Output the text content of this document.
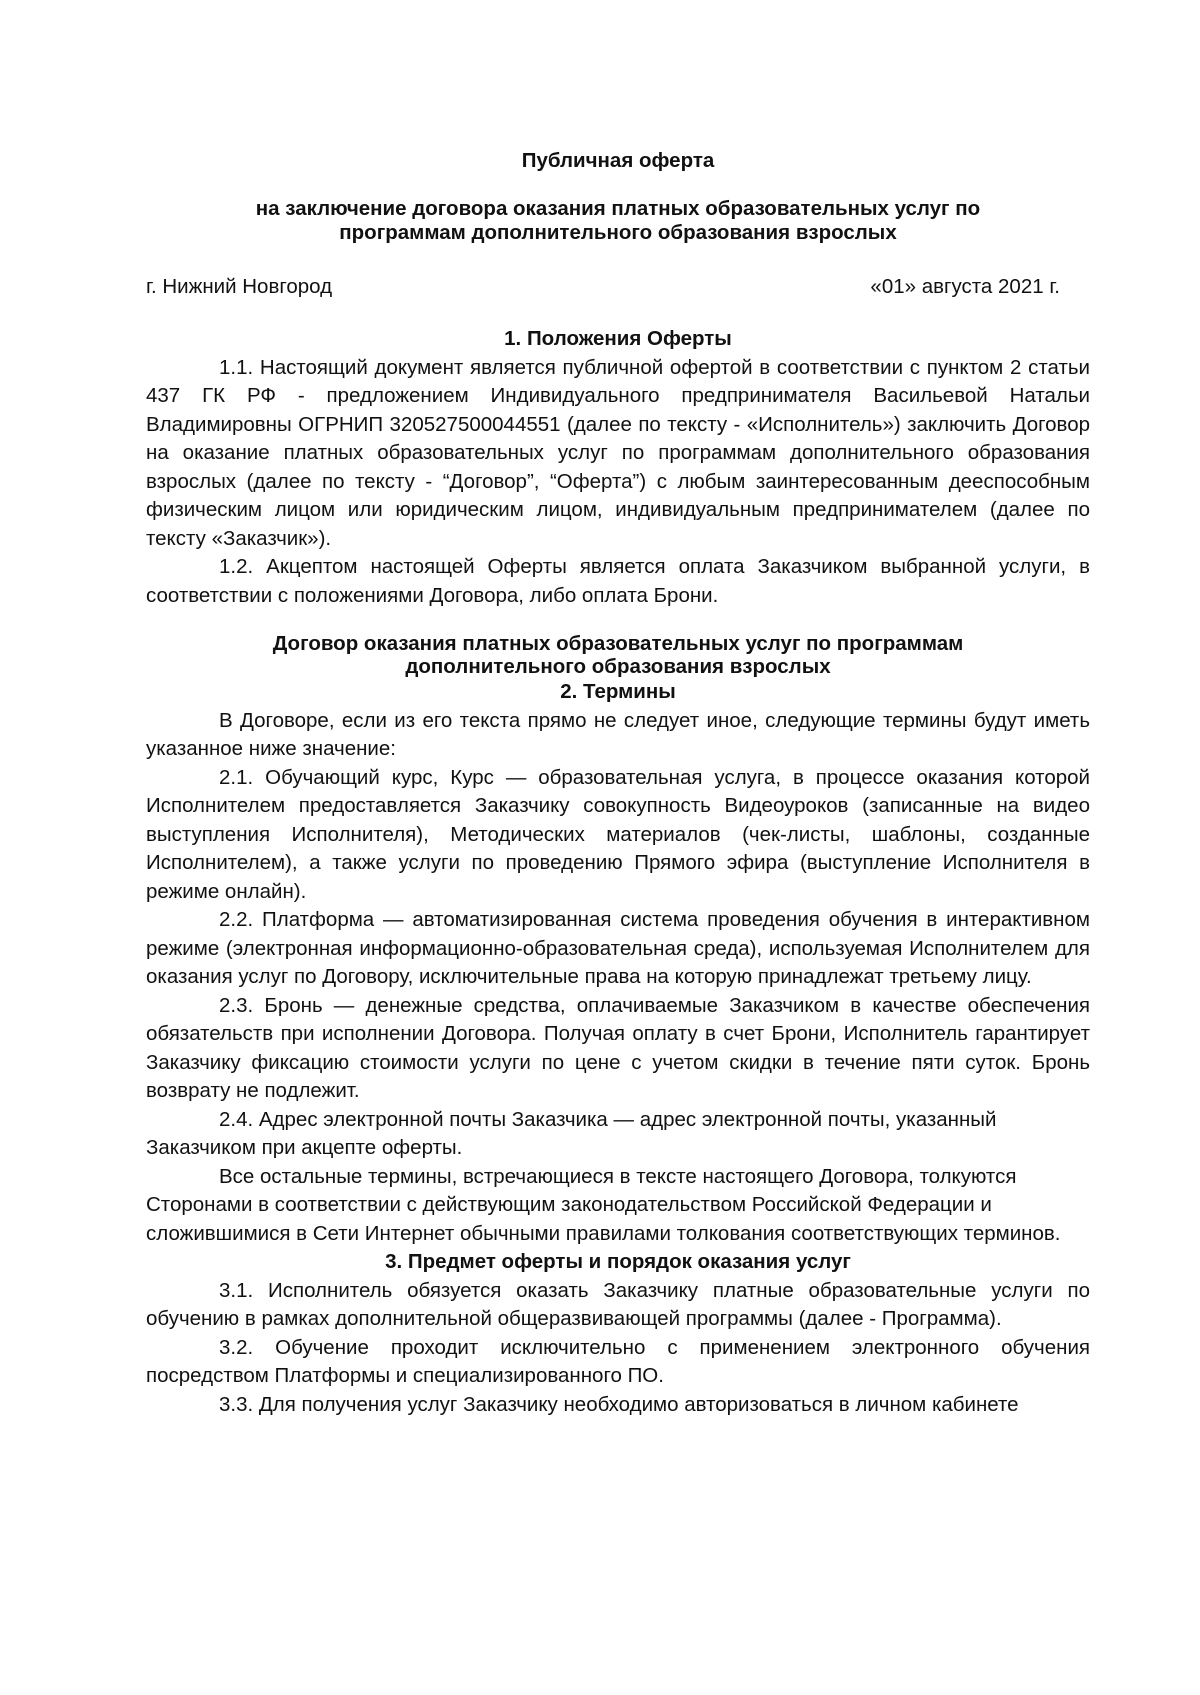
Публичная оферта
на заключение договора оказания платных образовательных услуг по
программам дополнительного образования взрослых
г. Нижний Новгород	«01» августа 2021 г.
1. Положения Оферты

1.1. Настоящий документ является публичной офертой в соответствии с пунктом 2 статьи 437 ГК РФ - предложением Индивидуального предпринимателя Васильевой Натальи Владимировны ОГРНИП 320527500044551 (далее по тексту - «Исполнитель») заключить Договор на оказание платных образовательных услуг по программам дополнительного образования взрослых (далее по тексту - “Договор”, “Оферта”) с любым заинтересованным дееспособным физическим лицом или юридическим лицом, индивидуальным предпринимателем (далее по тексту «Заказчик»).

1.2. Акцептом настоящей Оферты является оплата Заказчиком выбранной услуги, в соответствии с положениями Договора, либо оплата Брони.

Договор оказания платных образовательных услуг по программам
дополнительного образования взрослых
2. Термины

В Договоре, если из его текста прямо не следует иное, следующие термины будут иметь указанное ниже значение:

2.1. Обучающий курс, Курс — образовательная услуга, в процессе оказания которой Исполнителем предоставляется Заказчику совокупность Видеоуроков (записанные на видео выступления Исполнителя), Методических материалов (чек-листы, шаблоны, созданные Исполнителем), а также услуги по проведению Прямого эфира (выступление Исполнителя в режиме онлайн).

2.2. Платформа — автоматизированная система проведения обучения в интерактивном режиме (электронная информационно-образовательная среда), используемая Исполнителем для оказания услуг по Договору, исключительные права на которую принадлежат третьему лицу.

2.3. Бронь — денежные средства, оплачиваемые Заказчиком в качестве обеспечения обязательств при исполнении Договора. Получая оплату в счет Брони, Исполнитель гарантирует Заказчику фиксацию стоимости услуги по цене с учетом скидки в течение пяти суток. Бронь возврату не подлежит.

2.4. Адрес электронной почты Заказчика — адрес электронной почты, указанный Заказчиком при акцепте оферты.

Все остальные термины, встречающиеся в тексте настоящего Договора, толкуются Сторонами в соответствии с действующим законодательством Российской Федерации и сложившимися в Сети Интернет обычными правилами толкования соответствующих терминов.

3. Предмет оферты и порядок оказания услуг

3.1. Исполнитель обязуется оказать Заказчику платные образовательные услуги по обучению в рамках дополнительной общеразвивающей программы (далее - Программа).

3.2. Обучение проходит исключительно с применением электронного обучения посредством Платформы и специализированного ПО.

3.3. Для получения услуг Заказчику необходимо авторизоваться в личном кабинете
